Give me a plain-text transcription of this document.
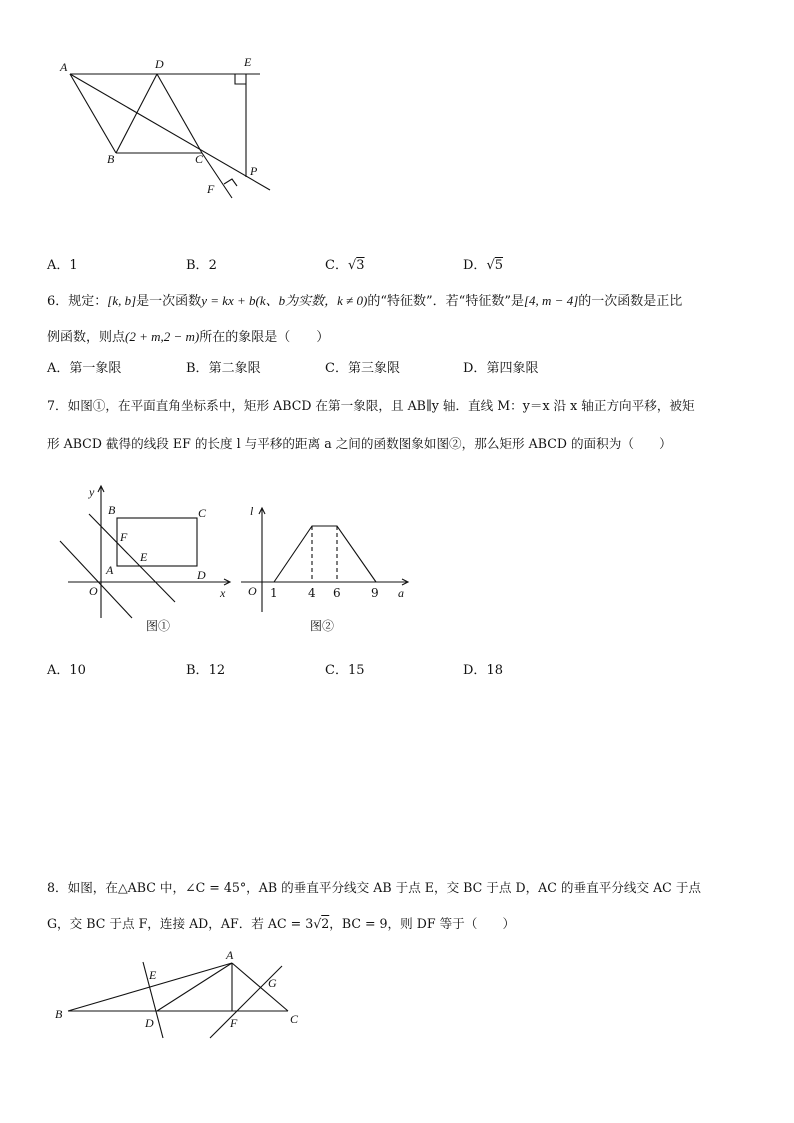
A	D	E
B	C
P
F
A．1	B．2	C．√3	D．√5
6．规定：[k, b]是一次函数y = kx + b(k、b为实数，k ≠ 0)的“特征数”．若“特征数”是[4, m − 4]的一次函数是正比
例函数，则点(2 + m,2 − m)所在的象限是（　　）
A．第一象限	B．第二象限	C．第三象限	D．第四象限
7．如图①，在平面直角坐标系中，矩形 ABCD 在第一象限，且 AB∥y 轴．直线 M：y＝x 沿 x 轴正方向平移，被矩
形 ABCD 截得的线段 EF 的长度 l 与平移的距离 a 之间的函数图象如图②，那么矩形 ABCD 的面积为（　　）
y
x
O
A
B	C
D
E
F
图①
l
a
O 1	4 6	9
图②
A．10	B．12	C．15	D．18
8．如图，在△ABC 中，∠C = 45°，AB 的垂直平分线交 AB 于点 E，交 BC 于点 D，AC 的垂直平分线交 AC 于点
G，交 BC 于点 F，连接 AD，AF．若 AC = 3√2，BC = 9，则 DF 等于（　　）
A
B	C
D
E
F
G
